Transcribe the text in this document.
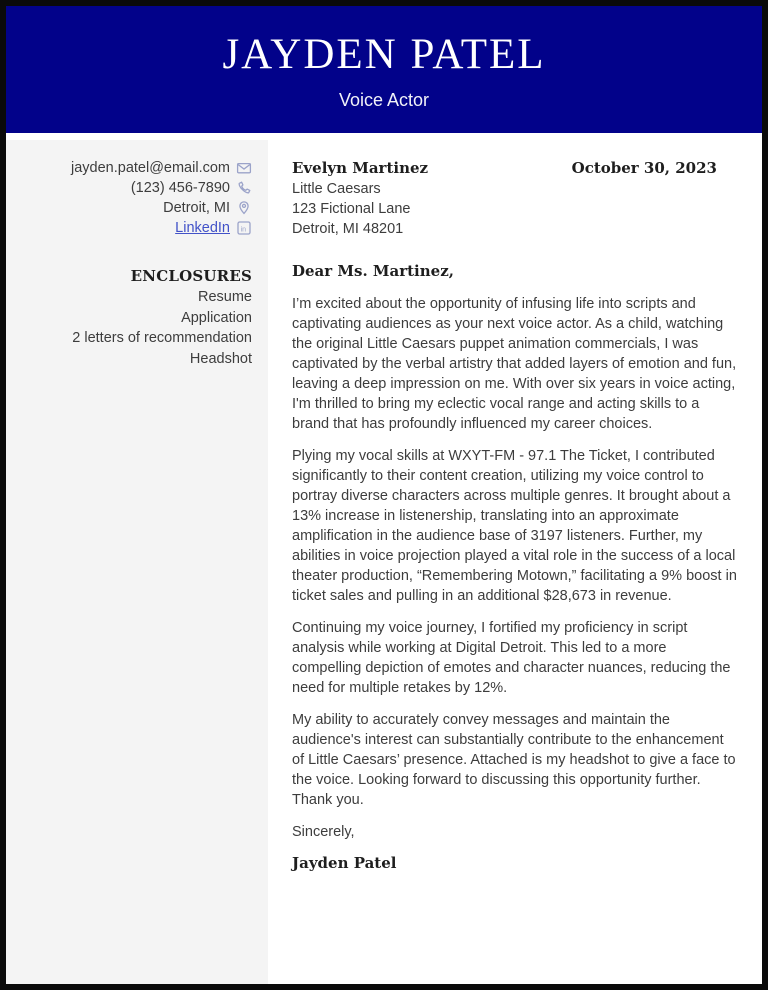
JAYDEN PATEL
Voice Actor
jayden.patel@email.com
(123) 456-7890
Detroit, MI
LinkedIn in
ENCLOSURES
Resume
Application
2 letters of recommendation
Headshot
Evelyn Martinez
Little Caesars
123 Fictional Lane
Detroit, MI 48201
October 30, 2023

Dear Ms. Martinez,

I’m excited about the opportunity of infusing life into scripts and captivating audiences as your next voice actor. As a child, watching the original Little Caesars puppet animation commercials, I was captivated by the verbal artistry that added layers of emotion and fun, leaving a deep impression on me. With over six years in voice acting, I'm thrilled to bring my eclectic vocal range and acting skills to a brand that has profoundly influenced my career choices.

Plying my vocal skills at WXYT-FM - 97.1 The Ticket, I contributed significantly to their content creation, utilizing my voice control to portray diverse characters across multiple genres. It brought about a 13% increase in listenership, translating into an approximate amplification in the audience base of 3197 listeners. Further, my abilities in voice projection played a vital role in the success of a local theater production, “Remembering Motown,” facilitating a 9% boost in ticket sales and pulling in an additional $28,673 in revenue.

Continuing my voice journey, I fortified my proficiency in script analysis while working at Digital Detroit. This led to a more compelling depiction of emotes and character nuances, reducing the need for multiple retakes by 12%.

My ability to accurately convey messages and maintain the audience's interest can substantially contribute to the enhancement of Little Caesars’ presence. Attached is my headshot to give a face to the voice. Looking forward to discussing this opportunity further. Thank you.

Sincerely,

Jayden Patel
